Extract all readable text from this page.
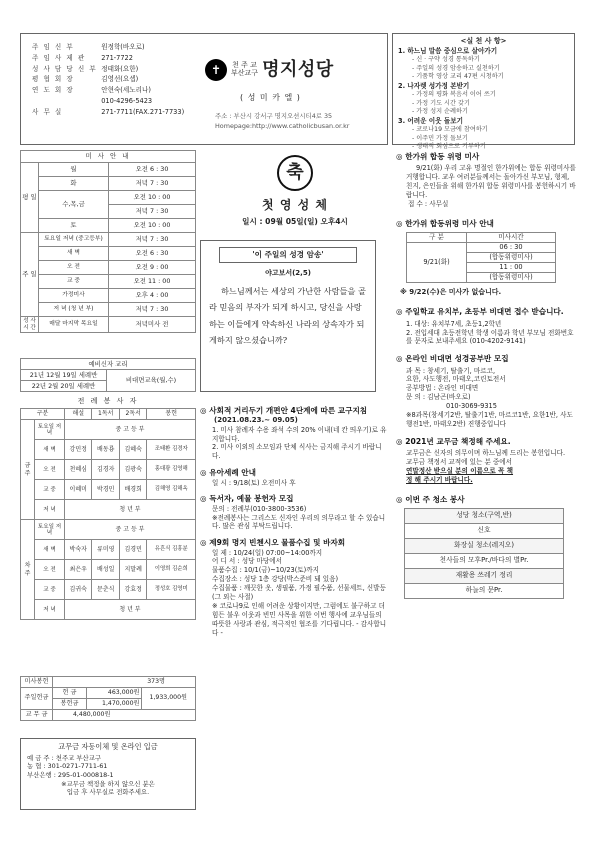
주 임 신 부	원정학(바오로)
주 임 사 제 관	271-7722
성 사 담 당 신 부	정태화(요한)
평 협 회 장	김영선(요셉)
연 도 회 장	안현숙(세노리나)
	010-4296-5423
사 무 실	271-7711(FAX.271-7733)
✝	천 주 교
부산교구 명지성당
( 성 미 카 엘 )
주소 : 부산시 강서구 명지오션시티4로 35
Homepage:http://www.catholicbusan.or.kr
<실 천 사 항>
1. 하느님 말씀 중심으로 살아가기
- 신 · 구약 성경 통독하기
- 주일의 성경 암송하고 실천하기
- 기품학 영상 교리 47편 시청하기
2. 나자렛 성가정 본받기
- 가정의 평화 복음서 이어 쓰기
- 가정 기도 시간 갖기
- 가정 성지 순례하기
3. 어려운 이웃 돌보기
- 코로나19 모금에 참여하기
- 이주민 가정 돌보기
- 생태적 회심으로 기부하기
미 사 안 내		
평 일	월	오전 6 : 30
	화	저녁 7 : 30
	수,목,금	오전 10 : 00
		저녁 7 : 30
	토	오전 10 : 00
주 일	토요일 저녁 (중고등부)	저녁 7 : 30
	새 벽	오전 6 : 30
	오 전	오전 9 : 00
	교 중	오전 11 : 00
	가정미사	오후 4 : 00
	저 녁 (청 년 부)	저녁 7 : 30
성 사 시 간	매달 마지막 목요일	저녁미사 전
예비신자 교리
21년 12월 19일 세례반	비대면교육(월,수)
22년 2월 20일 세례반
전 례 봉 사 자
구분		해설	1독서	2독서	봉헌
금 주	토요일 저 녁	중 고 등 부			
	새 벽	강민정	배동룡	김혜숙	조태환 김경자
	오 전	천혜심	김경자	김광숙	홍대광 김영해
	교 중	이혜미	박경민	배경희	김해영 김해옥
	저 녁	청 년 부			
차 주	토요일 저 녁	중 고 등 부			
	새 벽	박숙자	류미영	김경민	유흔식 김흥분
	오 전	최은우	배성일	지말례	이영희 김순희
	교 중	김귀숙	문춘식	강효정	정성호 김영미
	저 녁	청 년 부			
미사봉헌	373명		
주일헌금	헌 금	463,000원	1,933,000원
	봉헌금	1,470,000원	
교 무 금	4,480,000원		
교무금 자동이체 및 온라인 입금
예 금 주 : 천주교 부산교구
농 협 : 301-0271-7711-61
부산은행 : 295-01-000818-1
※교무금 책정을 하지 않으신 분은
입금 후 사무실로 전화주세요.
축
첫 영 성 체
일시 : 09월 05일(일) 오후4시
'이 주일의 성경 암송'
야고보서(2,5)
하느님께서는 세상의 가난한 사람들을 골라 믿음의 부자가 되게 하시고, 당신을 사랑하는 이들에게 약속하신 나라의 상속자가 되게하지 않으셨습니까?
◎ 사회적 거리두기 개편안 4단계에 따른 교구지침
(2021.08.23.~ 09.05)
1. 미사 참례자 수용 좌석 수의 20% 이내(네 칸 띄우기)로 유지합니다.
2. 미사 이외의 소모임과 단체 식사는 금지해 주시기 바랍니다.
◎ 유아세례 안내
일 시 : 9/18(토) 오전미사 후
◎ 독서자, 예물 봉헌자 모집
문의 : 전례부(010-3800-3536)
※전례봉사는 그리스도 신자인 우리의 의무라고 할 수 있습니다. 많은 관심 부탁드립니다.
◎ 제9회 명지 빈첸시오 물품수집 및 바자회
일 제 : 10/24(일) 07:00~14:00까지
어 디 서 : 성당 마당에서
물품수집 : 10/1(금)~10/23(토)까지
수집장소 : 성당 1층 강당(박스준비 돼 있음)
수집물품 : 깨끗한 옷, 생필품, 가정 필수품, 선물세트, 신발등(그 외는 사절)
※ 코로나9로 인해 어려운 상황이지만, 그럼에도 불구하고 더 힘든 불우 이웃과 빈민 사목을 위한 이번 행사에 교우님들의 따뜻한 사랑과 관심, 적극적인 협조를 기다립니다. - 감사합니다 -
◎ 한가위 합동 위령 미사
9/21(화) 우리 고유 명절인 한가위에는 합동 위령미사를 거행합니다. 교우 여러분들께서는 돌아가신 부모님, 형제, 친지, 은인들을 위해 한가위 합동 위령미사를 봉헌하시기 바랍니다.
접 수 : 사무실
◎ 한가위 합동위령 미사 안내
구 분	미사시간
9/21(화)	06 : 30
	(합동위령미사)
	11 : 00
	(합동위령미사)
※ 9/22(수)은 미사가 없습니다.
◎ 주일학교 유치부, 초등부 비대면 접수 받습니다.
1. 대상: 유치부7세, 초등1,2학년
2. 전입세대 초등전학년 학생 이름과 학년 부모님 전화번호를 문자로 보내주세요 (010-4202-9141)
◎ 온라인 비대면 성경공부반 모집
과 목 : 창세기, 탈출기, 마르코,
요한, 사도행전, 마태오,코린토전서
공부방법 : 온라인 비대면
문 의 : 김남곤(바오로)
010-3069-9315
※8과목(창세기2반, 탈출기1반, 마르코1반, 요한1반, 사도행전1반, 마태오2반) 진행중입니다
◎ 2021년 교무금 책정해 주세요.
교무금은 신자의 의무이며 하느님께 드리는 봉헌입니다.
교무금 책정서 교적에 있는 분 중에서
연말정산 받으실 분의 이름으로 꼭 책
정 해 주시기 바랍니다.
◎ 이번 주 청소 봉사
성당 청소(구역,반)
신호
화장실 청소(레지오)
천사들의 모후Pr./바다의 별Pr.
재활용 쓰레기 정리
하늘의 문Pr.
